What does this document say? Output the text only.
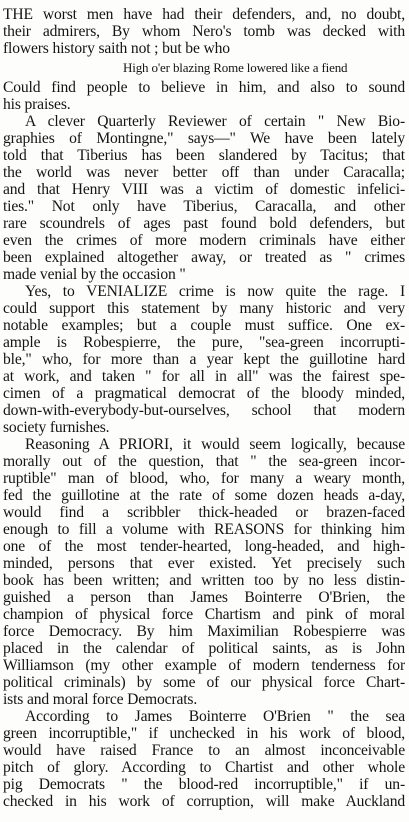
THE worst men have had their defenders, and, no doubt,
their admirers, By whom Nero's tomb was decked with
flowers history saith not ; but be who
High o'er blazing Rome lowered like a fiend
Could find people to believe in him, and also to sound
his praises.
A clever Quarterly Reviewer of certain " New Bio-
graphies of Montingne," says—" We have been lately
told that Tiberius has been slandered by Tacitus; that
the world was never better off than under Caracalla;
and that Henry VIII was a victim of domestic infelici-
ties." Not only have Tiberius, Caracalla, and other
rare scoundrels of ages past found bold defenders, but
even the crimes of more modern criminals have either
been explained altogether away, or treated as " crimes
made venial by the occasion "
Yes, to VENIALIZE crime is now quite the rage. I
could support this statement by many historic and very
notable examples; but a couple must suffice. One ex-
ample is Robespierre, the pure, "sea-green incorrupti-
ble," who, for more than a year kept the guillotine hard
at work, and taken " for all in all" was the fairest spe-
cimen of a pragmatical democrat of the bloody minded,
down-with-everybody-but-ourselves, school that modern
society furnishes.
Reasoning A PRIORI, it would seem logically, because
morally out of the question, that " the sea-green incor-
ruptible" man of blood, who, for many a weary month,
fed the guillotine at the rate of some dozen heads a-day,
would find a scribbler thick-headed or brazen-faced
enough to fill a volume with REASONS for thinking him
one of the most tender-hearted, long-headed, and high-
minded, persons that ever existed. Yet precisely such
book has been written; and written too by no less distin-
guished a person than James Bointerre O'Brien, the
champion of physical force Chartism and pink of moral
force Democracy. By him Maximilian Robespierre was
placed in the calendar of political saints, as is John
Williamson (my other example of modern tenderness for
political criminals) by some of our physical force Chart-
ists and moral force Democrats.
According to James Bointerre O'Brien " the sea
green incorruptible," if unchecked in his work of blood,
would have raised France to an almost inconceivable
pitch of glory. According to Chartist and other whole
pig Democrats " the blood-red incorruptible," if un-
checked in his work of corruption, will make Auckland
